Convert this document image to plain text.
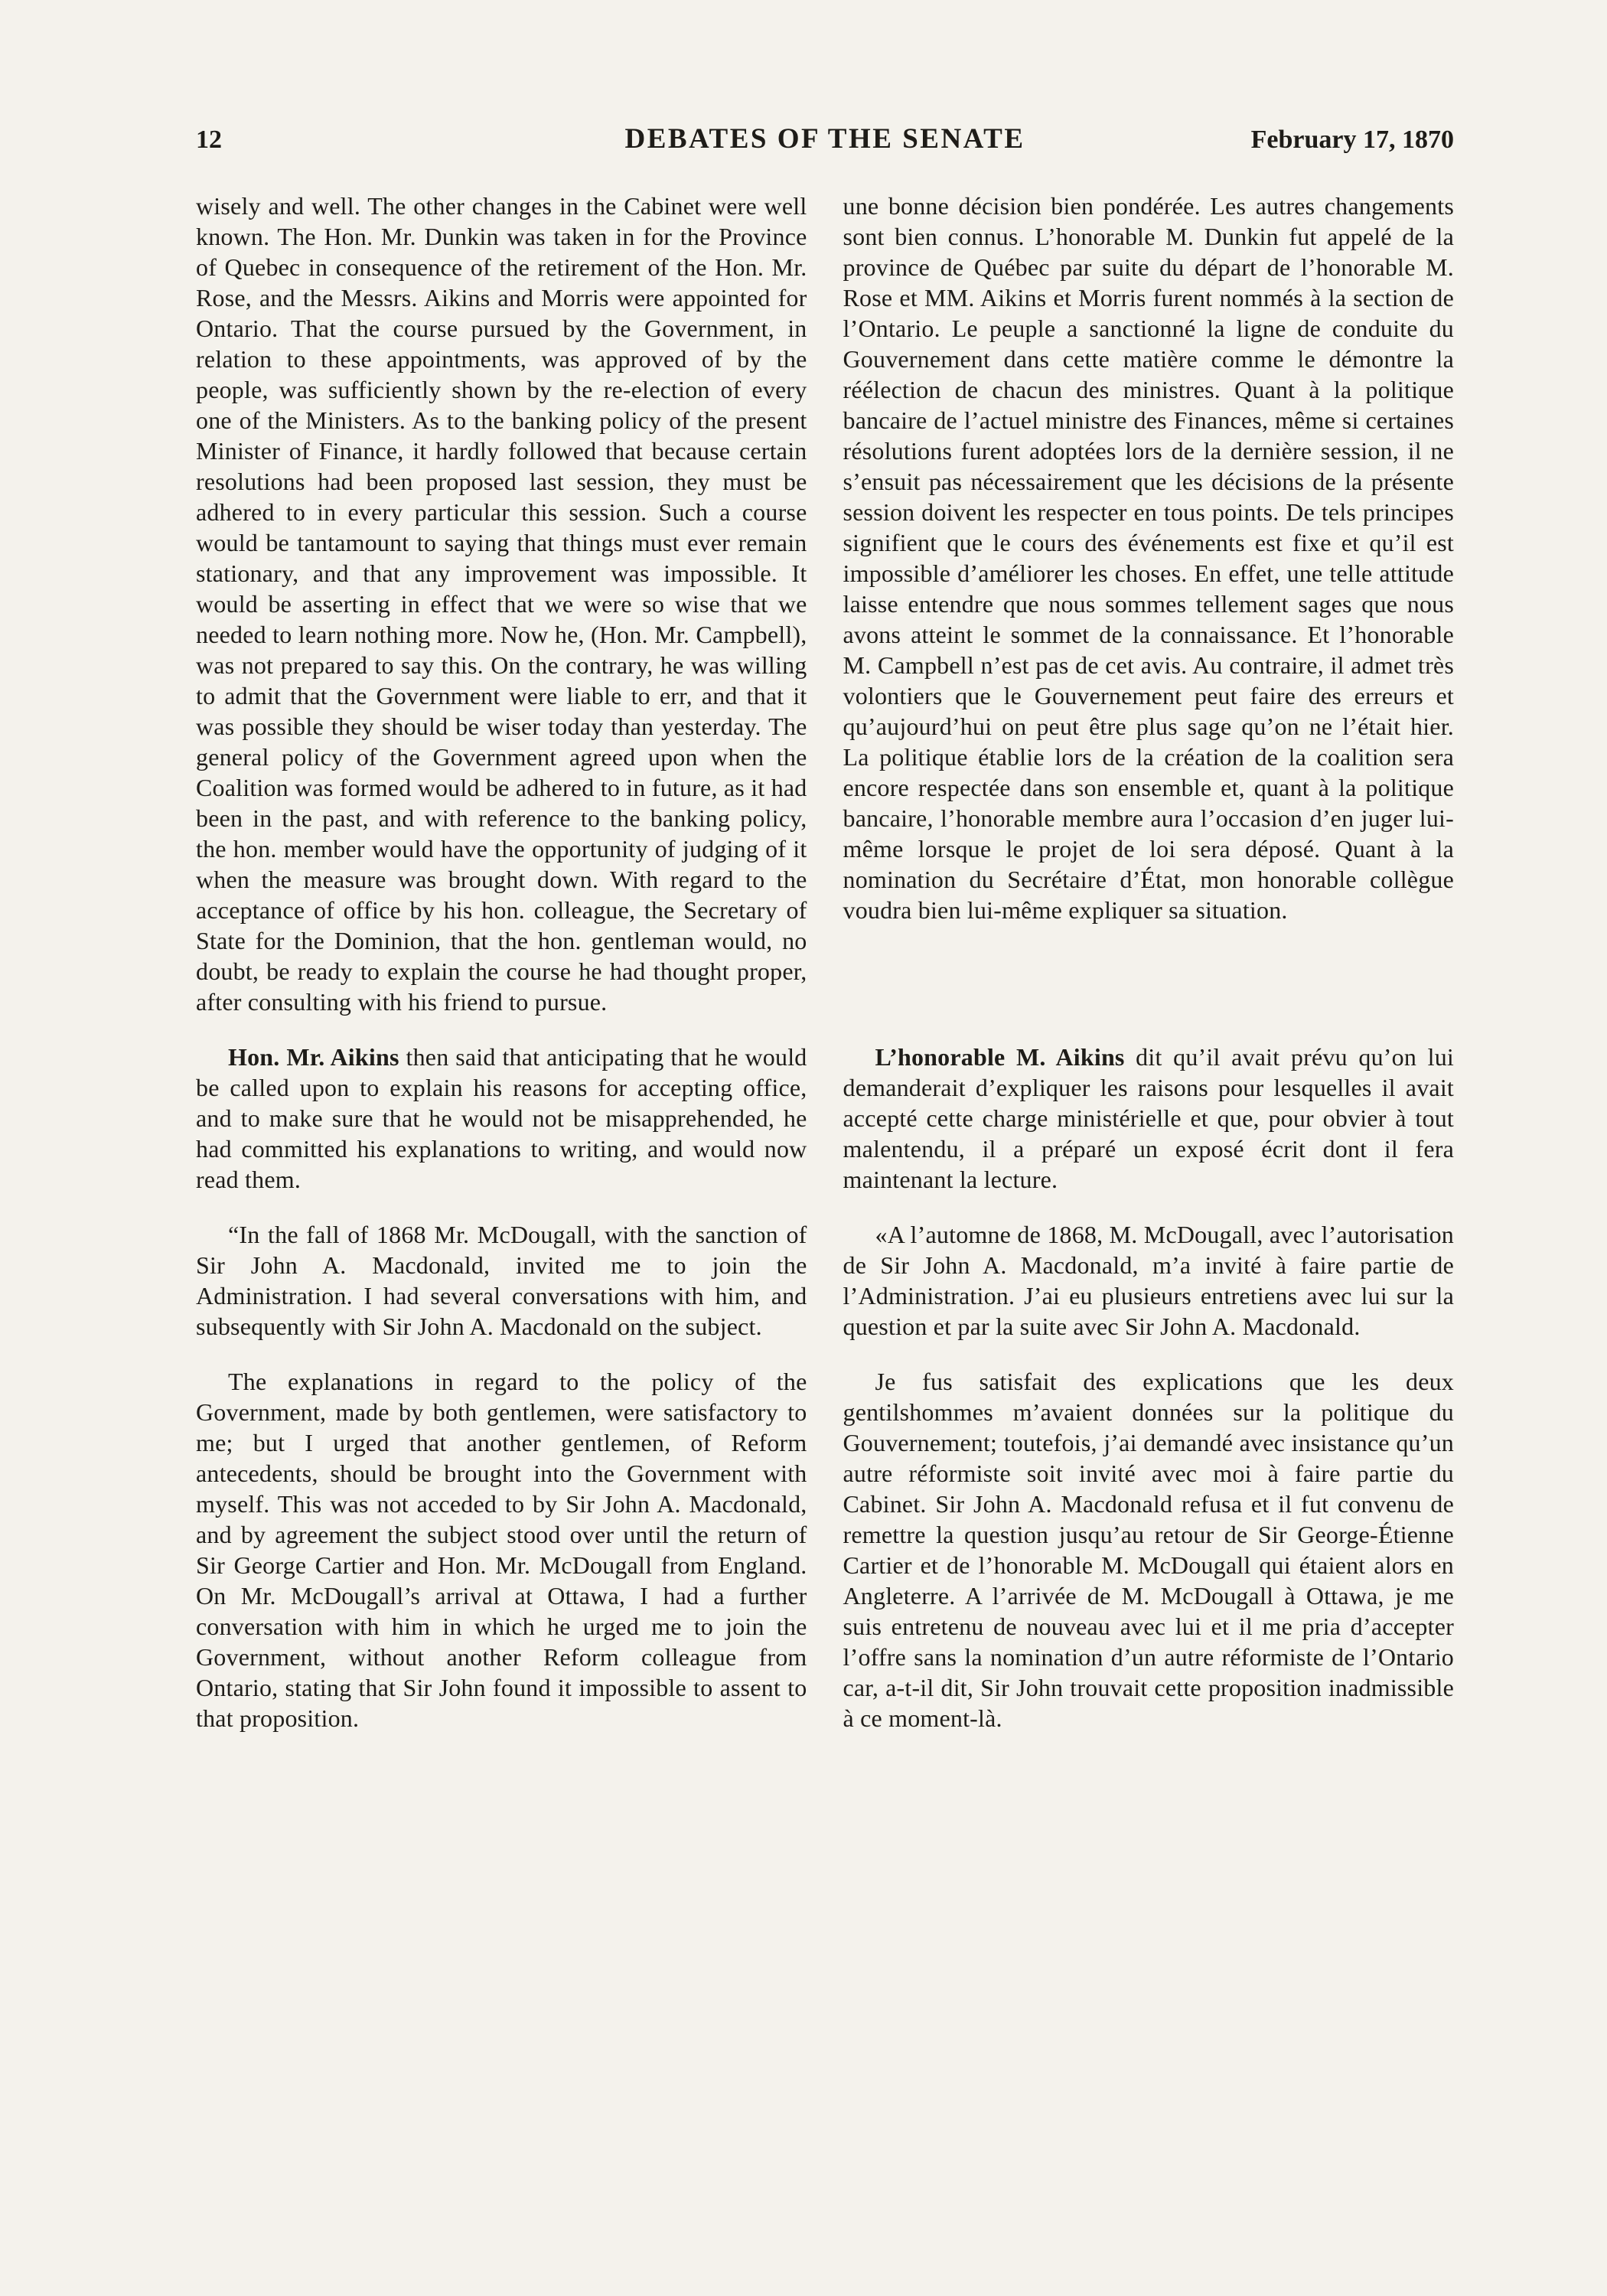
12	DEBATES OF THE SENATE	February 17, 1870

wisely and well. The other changes in the Cabinet were well known. The Hon. Mr. Dunkin was taken in for the Province of Quebec in consequence of the retirement of the Hon. Mr. Rose, and the Messrs. Aikins and Morris were appointed for Ontario. That the course pursued by the Government, in relation to these appointments, was approved of by the people, was sufficiently shown by the re-election of every one of the Ministers. As to the banking policy of the present Minister of Finance, it hardly followed that because certain resolutions had been proposed last session, they must be adhered to in every particular this session. Such a course would be tantamount to saying that things must ever remain stationary, and that any improvement was impossible. It would be asserting in effect that we were so wise that we needed to learn nothing more. Now he, (Hon. Mr. Campbell), was not prepared to say this. On the contrary, he was willing to admit that the Government were liable to err, and that it was possible they should be wiser today than yesterday. The general policy of the Government agreed upon when the Coalition was formed would be adhered to in future, as it had been in the past, and with reference to the banking policy, the hon. member would have the opportunity of judging of it when the measure was brought down. With regard to the acceptance of office by his hon. colleague, the Secretary of State for the Dominion, that the hon. gentleman would, no doubt, be ready to explain the course he had thought proper, after consulting with his friend to pursue.

une bonne décision bien pondérée. Les autres changements sont bien connus. L’honorable M. Dunkin fut appelé de la province de Québec par suite du départ de l’honorable M. Rose et MM. Aikins et Morris furent nommés à la section de l’Ontario. Le peuple a sanctionné la ligne de conduite du Gouvernement dans cette matière comme le démontre la réélection de chacun des ministres. Quant à la politique bancaire de l’actuel ministre des Finances, même si certaines résolutions furent adoptées lors de la dernière session, il ne s’ensuit pas nécessairement que les décisions de la présente session doivent les respecter en tous points. De tels principes signifient que le cours des événements est fixe et qu’il est impossible d’améliorer les choses. En effet, une telle attitude laisse entendre que nous sommes tellement sages que nous avons atteint le sommet de la connaissance. Et l’honorable M. Campbell n’est pas de cet avis. Au contraire, il admet très volontiers que le Gouvernement peut faire des erreurs et qu’aujourd’hui on peut être plus sage qu’on ne l’était hier. La politique établie lors de la création de la coalition sera encore respectée dans son ensemble et, quant à la politique bancaire, l’honorable membre aura l’occasion d’en juger lui-même lorsque le projet de loi sera déposé. Quant à la nomination du Secrétaire d’État, mon honorable collègue voudra bien lui-même expliquer sa situation.

Hon. Mr. Aikins then said that anticipating that he would be called upon to explain his reasons for accepting office, and to make sure that he would not be misapprehended, he had committed his explanations to writing, and would now read them.

L’honorable M. Aikins dit qu’il avait prévu qu’on lui demanderait d’expliquer les raisons pour lesquelles il avait accepté cette charge ministérielle et que, pour obvier à tout malentendu, il a préparé un exposé écrit dont il fera maintenant la lecture.

“In the fall of 1868 Mr. McDougall, with the sanction of Sir John A. Macdonald, invited me to join the Administration. I had several conversations with him, and subsequently with Sir John A. Macdonald on the subject.

«A l’automne de 1868, M. McDougall, avec l’autorisation de Sir John A. Macdonald, m’a invité à faire partie de l’Administration. J’ai eu plusieurs entretiens avec lui sur la question et par la suite avec Sir John A. Macdonald.

The explanations in regard to the policy of the Government, made by both gentlemen, were satisfactory to me; but I urged that another gentlemen, of Reform antecedents, should be brought into the Government with myself. This was not acceded to by Sir John A. Macdonald, and by agreement the subject stood over until the return of Sir George Cartier and Hon. Mr. McDougall from England. On Mr. McDougall’s arrival at Ottawa, I had a further conversation with him in which he urged me to join the Government, without another Reform colleague from Ontario, stating that Sir John found it impossible to assent to that proposition.

Je fus satisfait des explications que les deux gentilshommes m’avaient données sur la politique du Gouvernement; toutefois, j’ai demandé avec insistance qu’un autre réformiste soit invité avec moi à faire partie du Cabinet. Sir John A. Macdonald refusa et il fut convenu de remettre la question jusqu’au retour de Sir George-Étienne Cartier et de l’honorable M. McDougall qui étaient alors en Angleterre. A l’arrivée de M. McDougall à Ottawa, je me suis entretenu de nouveau avec lui et il me pria d’accepter l’offre sans la nomination d’un autre réformiste de l’Ontario car, a-t-il dit, Sir John trouvait cette proposition inadmissible à ce moment-là.
